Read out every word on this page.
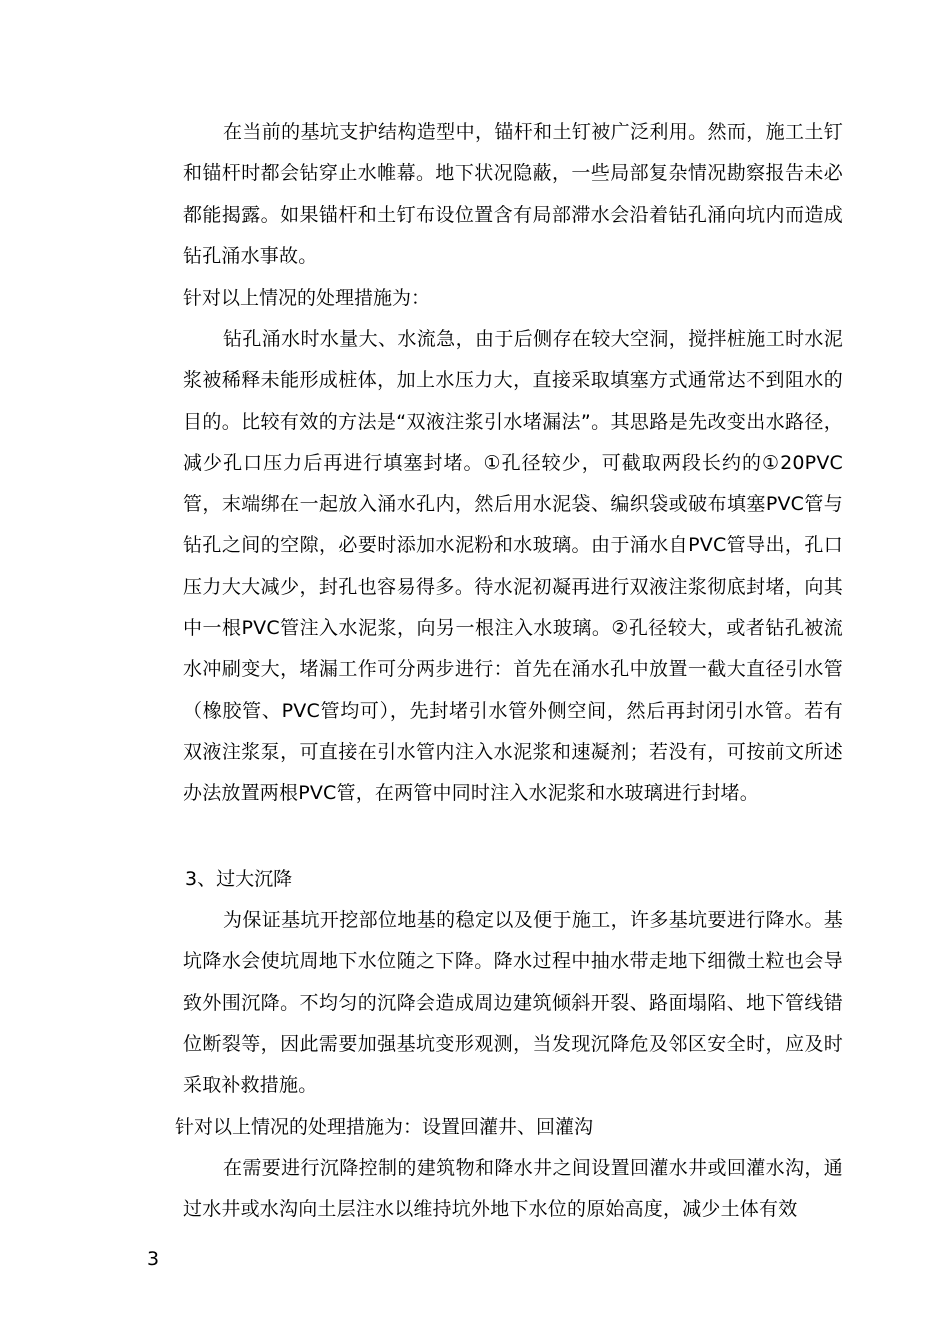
在当前的基坑支护结构造型中，锚杆和土钉被广泛利用。然而，施工土钉和锚杆时都会钻穿止水帷幕。地下状况隐蔽，一些局部复杂情况勘察报告未必都能揭露。如果锚杆和土钉布设位置含有局部滞水会沿着钻孔涌向坑内而造成钻孔涌水事故。

针对以上情况的处理措施为：

钻孔涌水时水量大、水流急，由于后侧存在较大空洞，搅拌桩施工时水泥浆被稀释未能形成桩体，加上水压力大，直接采取填塞方式通常达不到阻水的目的。比较有效的方法是“双液注浆引水堵漏法”。其思路是先改变出水路径，减少孔口压力后再进行填塞封堵。①孔径较少，可截取两段长约的①20PVC管，末端绑在一起放入涌水孔内，然后用水泥袋、编织袋或破布填塞PVC管与钻孔之间的空隙，必要时添加水泥粉和水玻璃。由于涌水自PVC管导出，孔口压力大大减少，封孔也容易得多。待水泥初凝再进行双液注浆彻底封堵，向其中一根PVC管注入水泥浆，向另一根注入水玻璃。②孔径较大，或者钻孔被流水冲刷变大，堵漏工作可分两步进行：首先在涌水孔中放置一截大直径引水管（橡胶管、PVC管均可），先封堵引水管外侧空间，然后再封闭引水管。若有双液注浆泵，可直接在引水管内注入水泥浆和速凝剂；若没有，可按前文所述办法放置两根PVC管，在两管中同时注入水泥浆和水玻璃进行封堵。

3、过大沉降

为保证基坑开挖部位地基的稳定以及便于施工，许多基坑要进行降水。基坑降水会使坑周地下水位随之下降。降水过程中抽水带走地下细微土粒也会导致外围沉降。不均匀的沉降会造成周边建筑倾斜开裂、路面塌陷、地下管线错位断裂等，因此需要加强基坑变形观测，当发现沉降危及邻区安全时，应及时采取补救措施。

针对以上情况的处理措施为：设置回灌井、回灌沟

在需要进行沉降控制的建筑物和降水井之间设置回灌水井或回灌水沟，通过水井或水沟向土层注水以维持坑外地下水位的原始高度，减少土体有效

3
